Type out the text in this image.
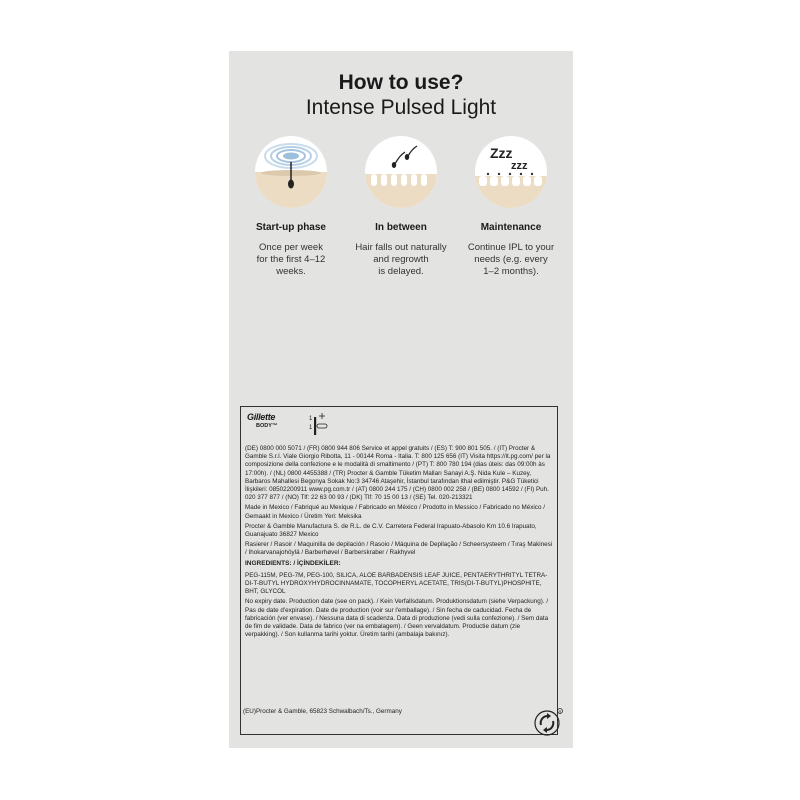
How to use?
Intense Pulsed Light
Start-up phase
Once per week
for the first 4–12
weeks.
In between
Hair falls out naturally
and regrowth
is delayed.
Zzz
zzz
Maintenance
Continue IPL to your
needs (e.g. every
1–2 months).
Gillette
BODY™
1
1

(DE) 0800 000 5071 / (FR) 0800 944 806 Service et appel gratuits / (ES) T: 900 801 505. / (IT) Procter & Gamble S.r.l. Viale Giorgio Ribotta, 11 - 00144 Roma - Italia. T: 800 125 656 (IT) Visita https://it.pg.com/ per la composizione della confezione e le modalità di smaltimento / (PT) T: 800 780 194 (dias úteis: das 09:00h às 17:00h). / (NL) 0800 4455388 / (TR) Procter & Gamble Tüketim Malları Sanayi A.Ş. Nida Kule – Kuzey, Barbaros Mahallesi Begonya Sokak No:3 34746 Ataşehir, İstanbul tarafından ithal edilmiştir. P&G Tüketici İlişkileri: 08502200911 www.pg.com.tr / (AT) 0800 244 175 / (CH) 0800 002 258 / (BE) 0800 14592 / (FI) Puh. 020 377 877 / (NO) Tlf: 22 63 00 93 / (DK) Tlf: 70 15 00 13 / (SE) Tel. 020-213321

Made in Mexico / Fabriqué au Mexique / Fabricado en México / Prodotto in Messico / Fabricado no México / Gemaakt in Mexico / Üretim Yeri: Meksika

Procter & Gamble Manufactura S. de R.L. de C.V. Carretera Federal Irapuato-Abasolo Km 10.6 Irapuato, Guanajuato 36827 Mexico

Rasierer / Rasoir / Maquinilla de depilación / Rasoio / Máquina de Depilação / Scheersysteem / Tıraş Makinesi / Ihokarvanajohöylä / Barberhøvel / Barberskraber / Rakhyvel

INGREDIENTS: / İÇİNDEKİLER:

PEG-115M, PEG-7M, PEG-100, SILICA, ALOE BARBADENSIS LEAF JUICE, PENTAERYTHRITYL TETRA-DI-T-BUTYL HYDROXYHYDROCINNAMATE, TOCOPHERYL ACETATE, TRIS(DI-T-BUTYL)PHOSPHITE, BHT, GLYCOL

No expiry date. Production date (see on pack). / Kein Verfallsdatum. Produktionsdatum (siehe Verpackung). / Pas de date d'expiration. Date de production (voir sur l'emballage). / Sin fecha de caducidad. Fecha de fabricación (ver envase). / Nessuna data di scadenza. Data di produzione (vedi sulla confezione). / Sem data de fim de validade. Data de fabrico (ver na embalagem). / Geen vervaldatum. Productie datum (zie verpakking). / Son kullanma tarihi yoktur. Üretim tarihi (ambalaja bakınız).

(EU)Procter & Gamble, 65823 Schwalbach/Ts., Germany	R
